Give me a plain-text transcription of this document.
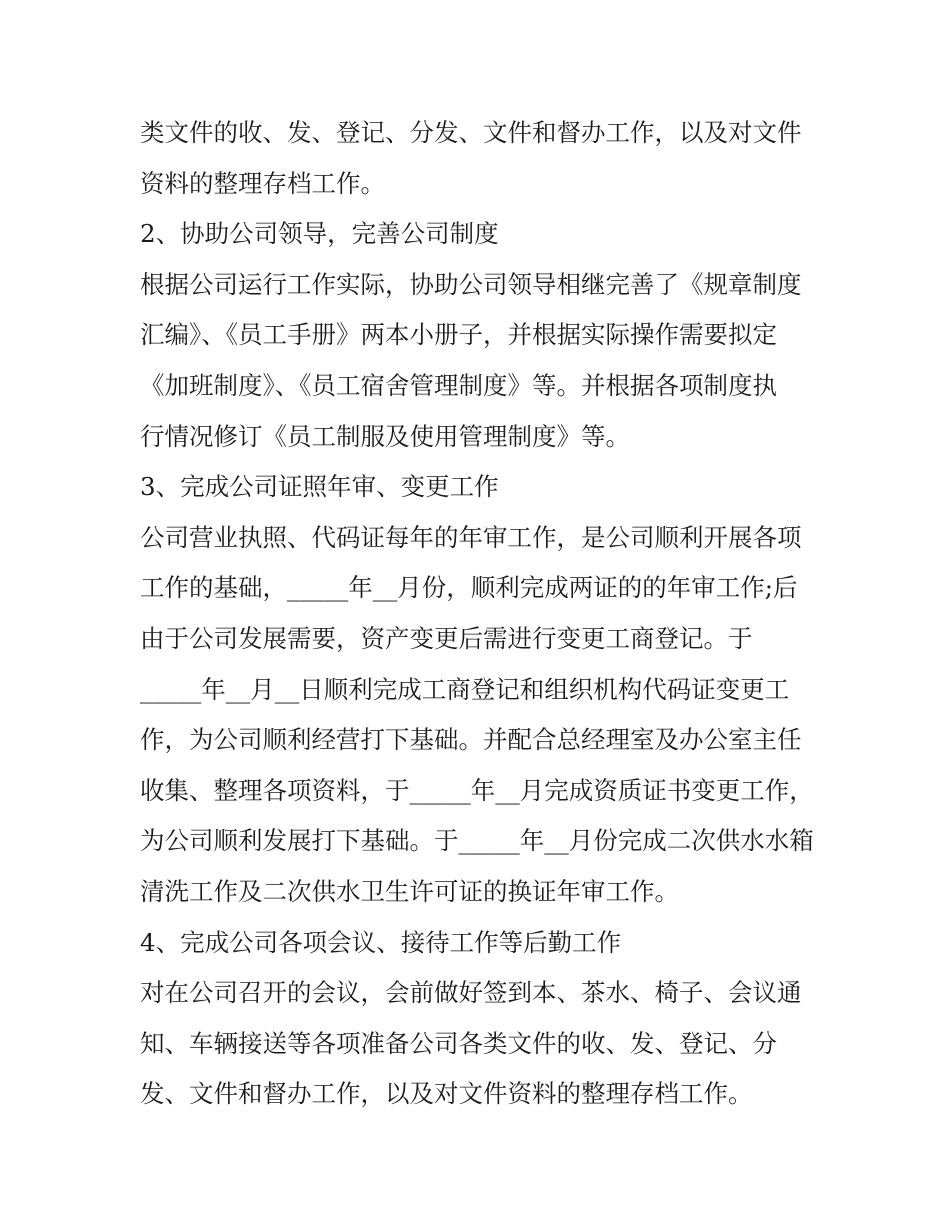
类文件的收、发、登记、分发、文件和督办工作，以及对文件
资料的整理存档工作。
2、协助公司领导，完善公司制度
根据公司运行工作实际，协助公司领导相继完善了《规章制度
汇编》、《员工手册》两本小册子，并根据实际操作需要拟定
《加班制度》、《员工宿舍管理制度》等。并根据各项制度执
行情况修订《员工制服及使用管理制度》等。
3、完成公司证照年审、变更工作
公司营业执照、代码证每年的年审工作，是公司顺利开展各项
工作的基础，_____年__月份，顺利完成两证的的年审工作;后
由于公司发展需要，资产变更后需进行变更工商登记。于
_____年__月__日顺利完成工商登记和组织机构代码证变更工
作，为公司顺利经营打下基础。并配合总经理室及办公室主任
收集、整理各项资料，于_____年__月完成资质证书变更工作，
为公司顺利发展打下基础。于_____年__月份完成二次供水水箱
清洗工作及二次供水卫生许可证的换证年审工作。
4、完成公司各项会议、接待工作等后勤工作
对在公司召开的会议，会前做好签到本、茶水、椅子、会议通
知、车辆接送等各项准备公司各类文件的收、发、登记、分
发、文件和督办工作，以及对文件资料的整理存档工作。
